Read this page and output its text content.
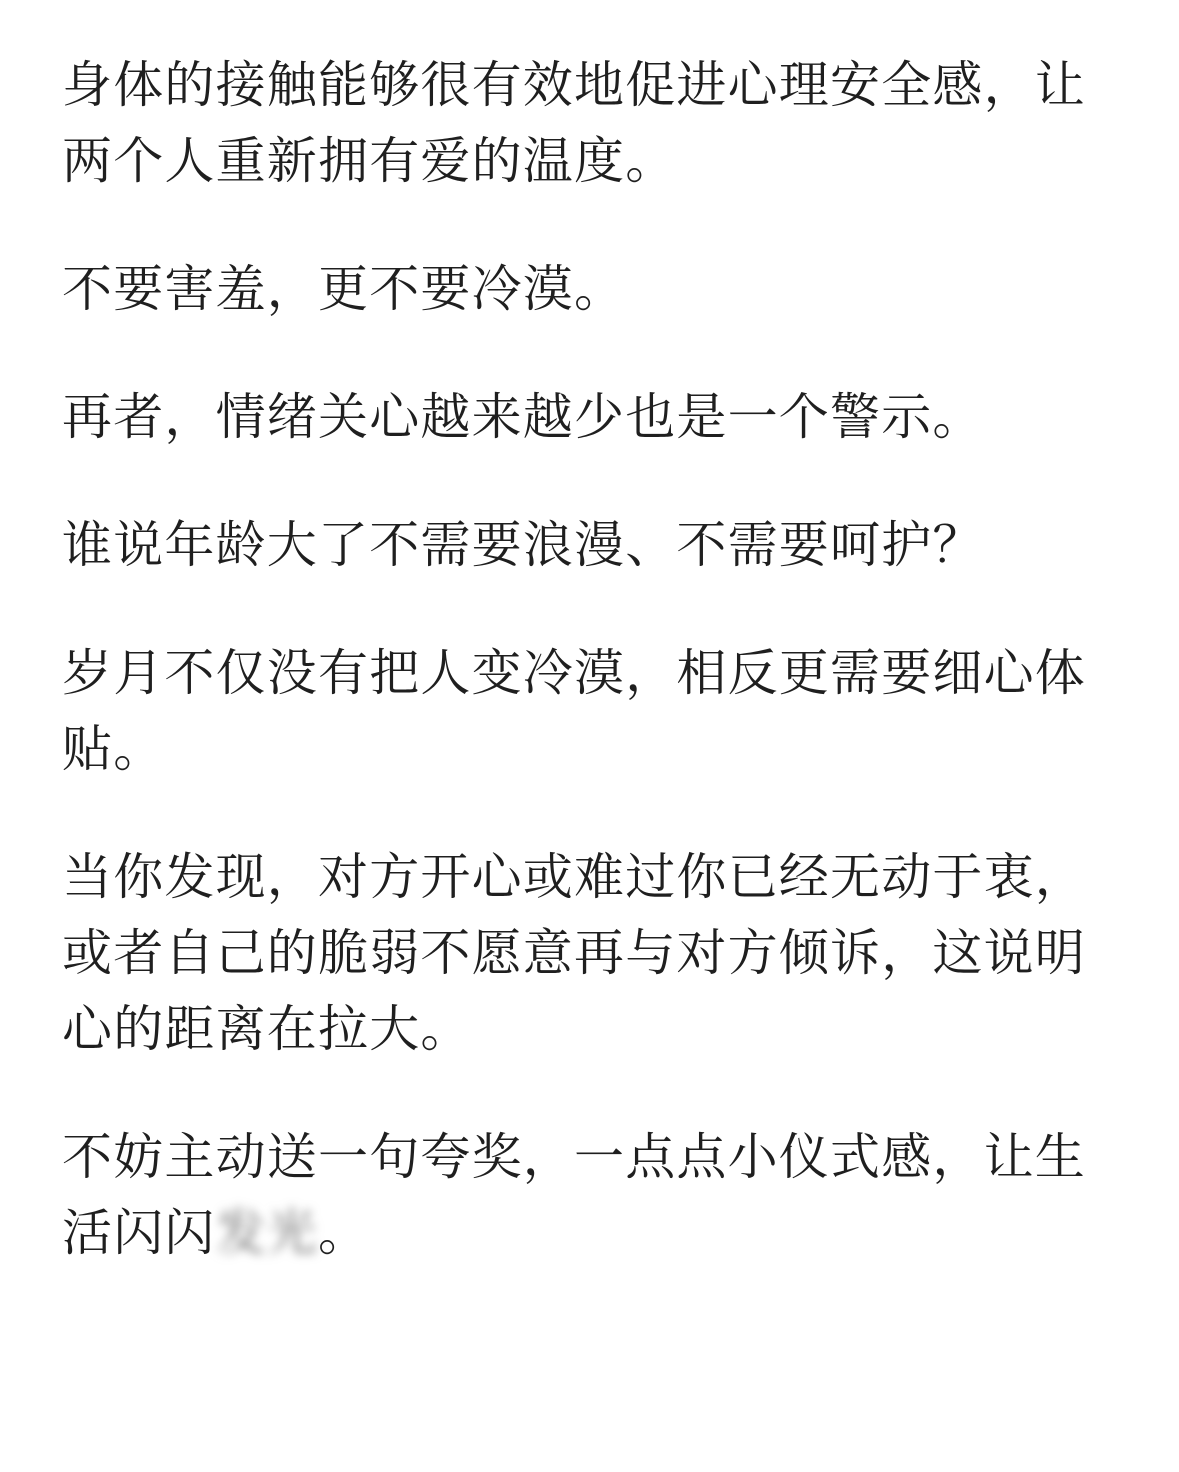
身体的接触能够很有效地促进心理安全感，让
两个人重新拥有爱的温度。

不要害羞，更不要冷漠。

再者，情绪关心越来越少也是一个警示。

谁说年龄大了不需要浪漫、不需要呵护？

岁月不仅没有把人变冷漠，相反更需要细心体
贴。

当你发现，对方开心或难过你已经无动于衷，
或者自己的脆弱不愿意再与对方倾诉，这说明
心的距离在拉大。

不妨主动送一句夸奖，一点点小仪式感，让生
活闪闪发光。
